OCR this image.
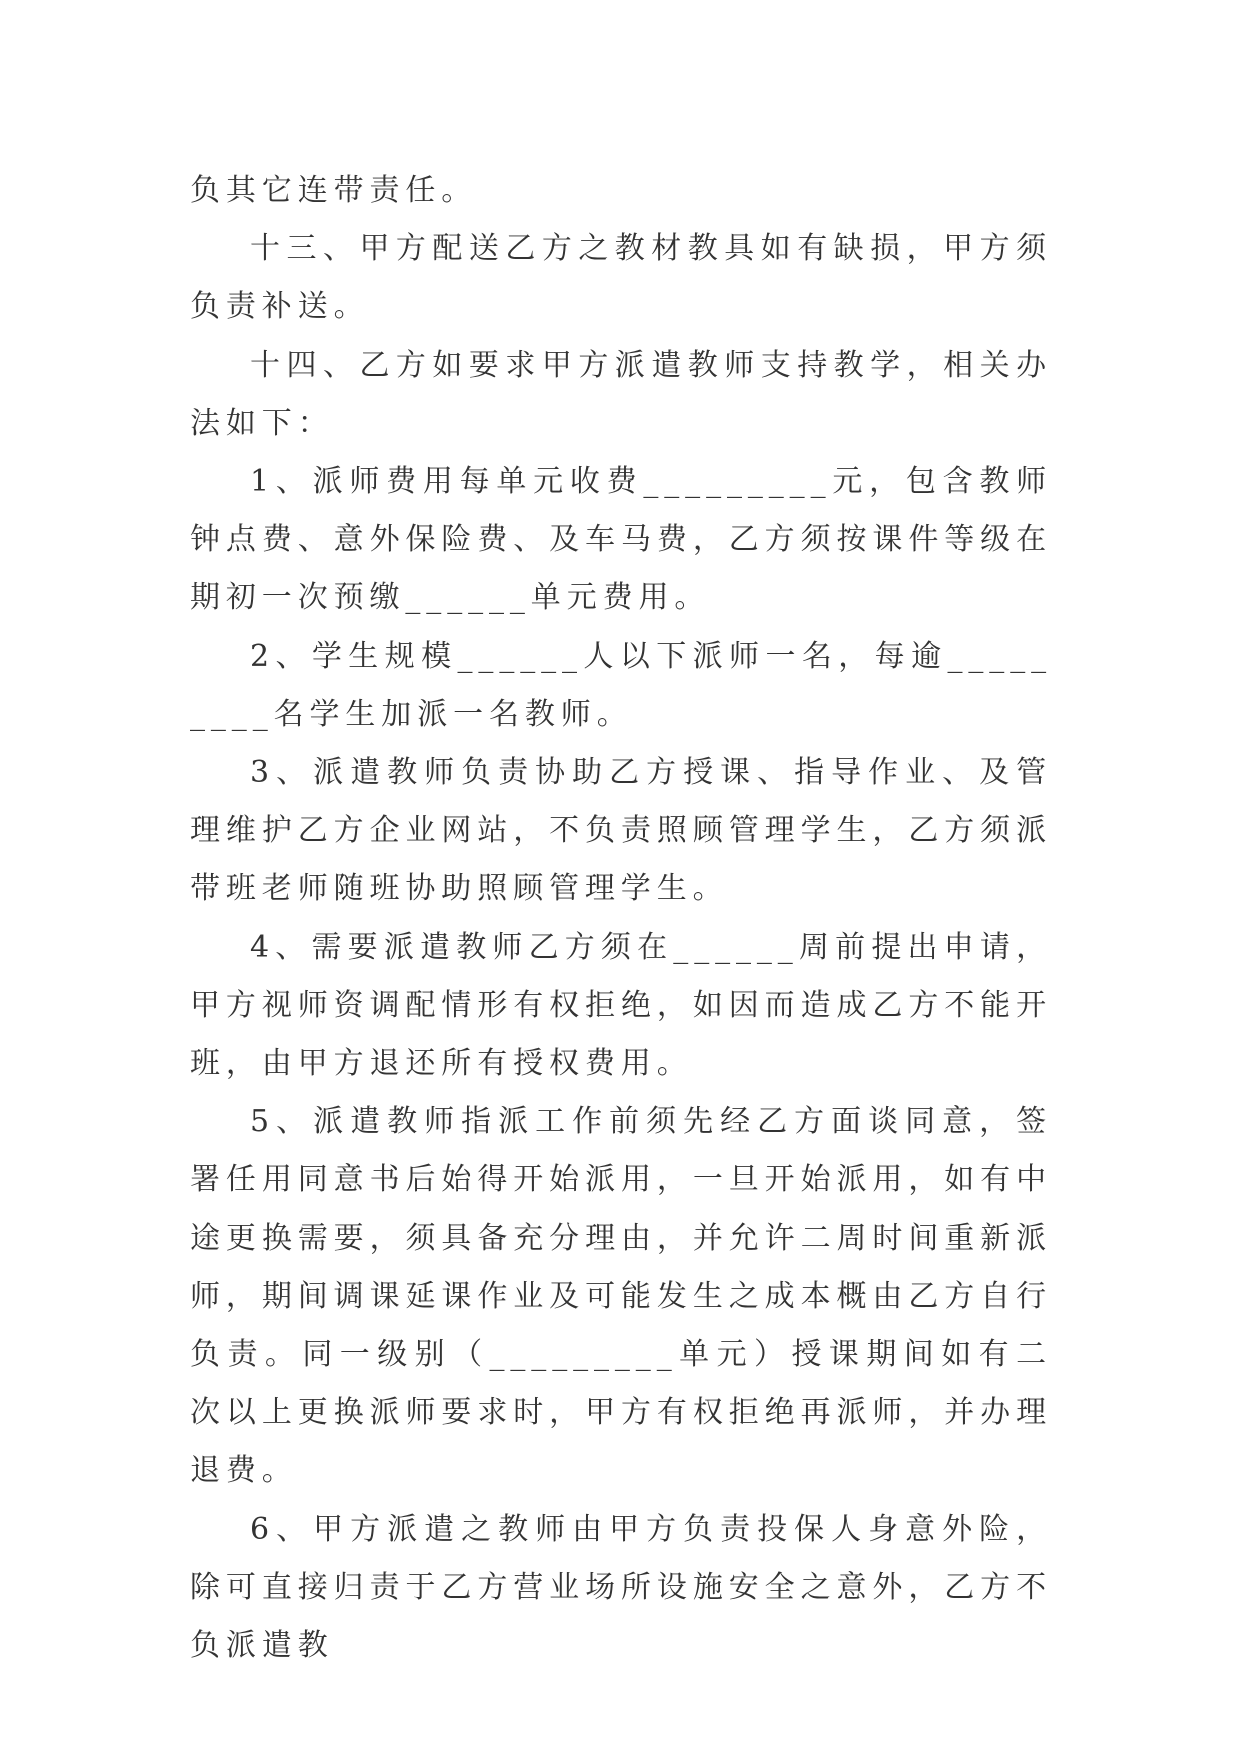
负其它连带责任。

十三、甲方配送乙方之教材教具如有缺损，甲方须负责补送。

十四、乙方如要求甲方派遣教师支持教学，相关办法如下：

1、派师费用每单元收费_________元，包含教师钟点费、意外保险费、及车马费，乙方须按课件等级在期初一次预缴______单元费用。

2、学生规模______人以下派师一名，每逾_________名学生加派一名教师。

3、派遣教师负责协助乙方授课、指导作业、及管理维护乙方企业网站，不负责照顾管理学生，乙方须派带班老师随班协助照顾管理学生。

4、需要派遣教师乙方须在______周前提出申请，甲方视师资调配情形有权拒绝，如因而造成乙方不能开班，由甲方退还所有授权费用。

5、派遣教师指派工作前须先经乙方面谈同意，签署任用同意书后始得开始派用，一旦开始派用，如有中途更换需要，须具备充分理由，并允许二周时间重新派师，期间调课延课作业及可能发生之成本概由乙方自行负责。同一级别（_________单元）授课期间如有二次以上更换派师要求时，甲方有权拒绝再派师，并办理退费。

6、甲方派遣之教师由甲方负责投保人身意外险，除可直接归责于乙方营业场所设施安全之意外，乙方不负派遣教
